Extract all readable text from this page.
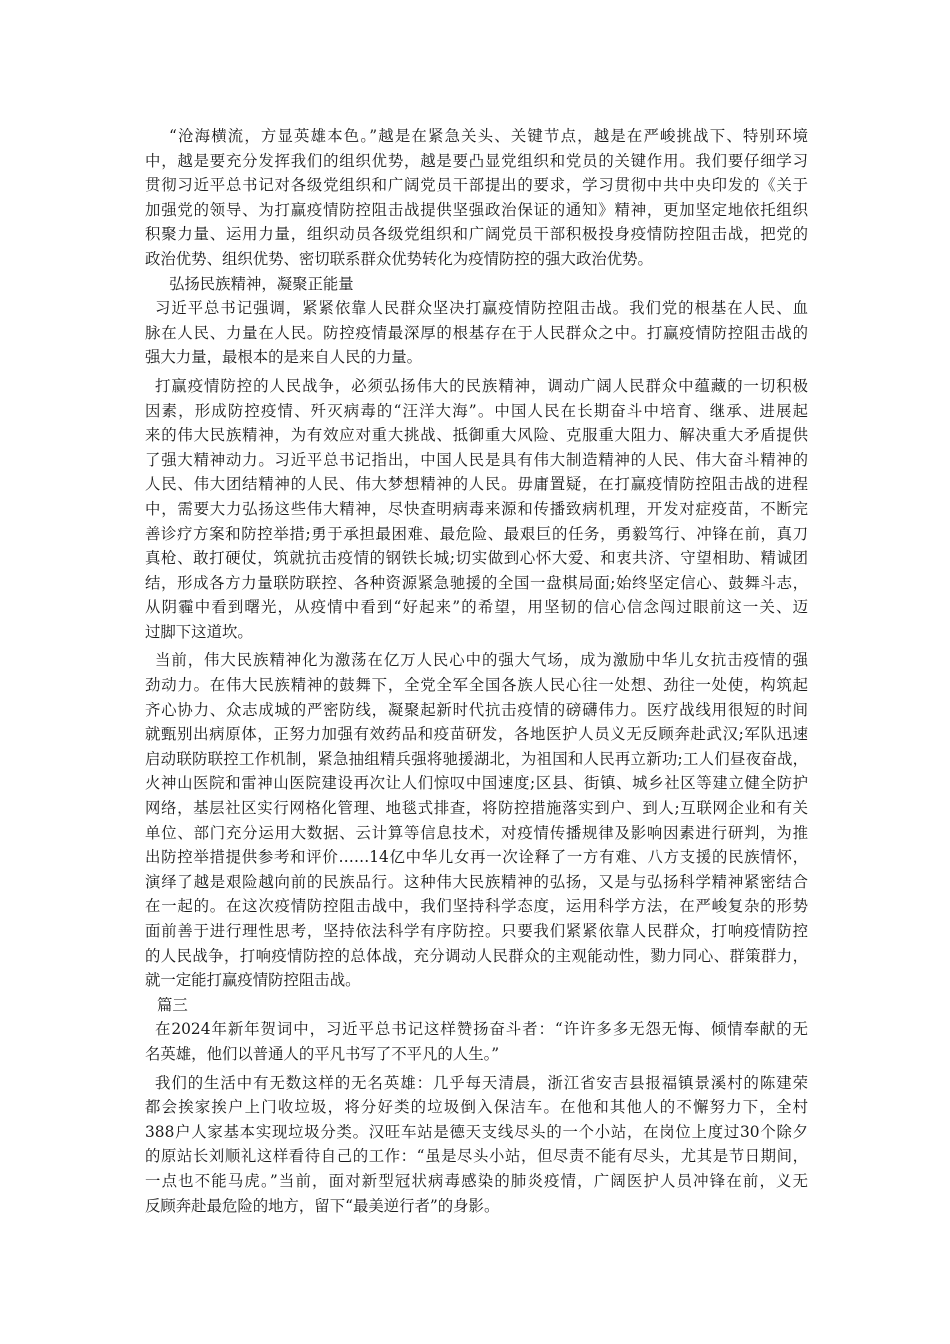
“沧海横流，方显英雄本色。”越是在紧急关头、关键节点，越是在严峻挑战下、特别环境
中，越是要充分发挥我们的组织优势，越是要凸显党组织和党员的关键作用。我们要仔细学习
贯彻习近平总书记对各级党组织和广阔党员干部提出的要求，学习贯彻中共中央印发的《关于
加强党的领导、为打赢疫情防控阻击战提供坚强政治保证的通知》精神，更加坚定地依托组织
积聚力量、运用力量，组织动员各级党组织和广阔党员干部积极投身疫情防控阻击战，把党的
政治优势、组织优势、密切联系群众优势转化为疫情防控的强大政治优势。
弘扬民族精神，凝聚正能量
习近平总书记强调，紧紧依靠人民群众坚决打赢疫情防控阻击战。我们党的根基在人民、血
脉在人民、力量在人民。防控疫情最深厚的根基存在于人民群众之中。打赢疫情防控阻击战的
强大力量，最根本的是来自人民的力量。
打赢疫情防控的人民战争，必须弘扬伟大的民族精神，调动广阔人民群众中蕴藏的一切积极
因素，形成防控疫情、歼灭病毒的“汪洋大海”。中国人民在长期奋斗中培育、继承、进展起
来的伟大民族精神，为有效应对重大挑战、抵御重大风险、克服重大阻力、解决重大矛盾提供
了强大精神动力。习近平总书记指出，中国人民是具有伟大制造精神的人民、伟大奋斗精神的
人民、伟大团结精神的人民、伟大梦想精神的人民。毋庸置疑，在打赢疫情防控阻击战的进程
中，需要大力弘扬这些伟大精神，尽快查明病毒来源和传播致病机理，开发对症疫苗，不断完
善诊疗方案和防控举措;勇于承担最困难、最危险、最艰巨的任务，勇毅笃行、冲锋在前，真刀
真枪、敢打硬仗，筑就抗击疫情的钢铁长城;切实做到心怀大爱、和衷共济、守望相助、精诚团
结，形成各方力量联防联控、各种资源紧急驰援的全国一盘棋局面;始终坚定信心、鼓舞斗志，
从阴霾中看到曙光，从疫情中看到“好起来”的希望，用坚韧的信心信念闯过眼前这一关、迈
过脚下这道坎。
当前，伟大民族精神化为激荡在亿万人民心中的强大气场，成为激励中华儿女抗击疫情的强
劲动力。在伟大民族精神的鼓舞下，全党全军全国各族人民心往一处想、劲往一处使，构筑起
齐心协力、众志成城的严密防线，凝聚起新时代抗击疫情的磅礴伟力。医疗战线用很短的时间
就甄别出病原体，正努力加强有效药品和疫苗研发，各地医护人员义无反顾奔赴武汉;军队迅速
启动联防联控工作机制，紧急抽组精兵强将驰援湖北，为祖国和人民再立新功;工人们昼夜奋战，
火神山医院和雷神山医院建设再次让人们惊叹中国速度;区县、街镇、城乡社区等建立健全防护
网络，基层社区实行网格化管理、地毯式排查，将防控措施落实到户、到人;互联网企业和有关
单位、部门充分运用大数据、云计算等信息技术，对疫情传播规律及影响因素进行研判，为推
出防控举措提供参考和评价……14亿中华儿女再一次诠释了一方有难、八方支援的民族情怀，
演绎了越是艰险越向前的民族品行。这种伟大民族精神的弘扬，又是与弘扬科学精神紧密结合
在一起的。在这次疫情防控阻击战中，我们坚持科学态度，运用科学方法，在严峻复杂的形势
面前善于进行理性思考，坚持依法科学有序防控。只要我们紧紧依靠人民群众，打响疫情防控
的人民战争，打响疫情防控的总体战，充分调动人民群众的主观能动性，勠力同心、群策群力，
就一定能打赢疫情防控阻击战。
篇三
在2024年新年贺词中，习近平总书记这样赞扬奋斗者：“许许多多无怨无悔、倾情奉献的无
名英雄，他们以普通人的平凡书写了不平凡的人生。”
我们的生活中有无数这样的无名英雄：几乎每天清晨，浙江省安吉县报福镇景溪村的陈建荣
都会挨家挨户上门收垃圾，将分好类的垃圾倒入保洁车。在他和其他人的不懈努力下，全村
388户人家基本实现垃圾分类。汉旺车站是德天支线尽头的一个小站，在岗位上度过30个除夕
的原站长刘顺礼这样看待自己的工作：“虽是尽头小站，但尽责不能有尽头，尤其是节日期间，
一点也不能马虎。”当前，面对新型冠状病毒感染的肺炎疫情，广阔医护人员冲锋在前，义无
反顾奔赴最危险的地方，留下“最美逆行者”的身影。
